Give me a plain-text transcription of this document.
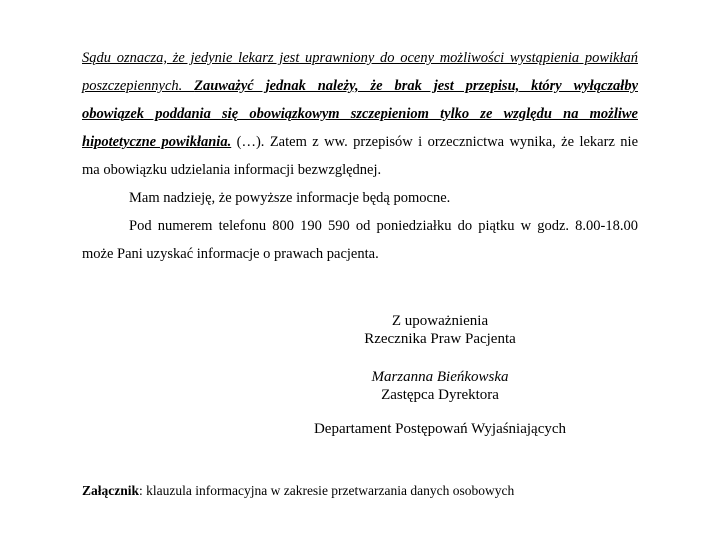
Sądu oznacza, że jedynie lekarz jest uprawniony do oceny możliwości wystąpienia powikłań
poszczepiennych. Zauważyć jednak należy, że brak jest przepisu, który wyłączałby
obowiązek poddania się obowiązkowym szczepieniom tylko ze względu na możliwe
hipotetyczne powikłania. (…). Zatem z ww. przepisów i orzecznictwa wynika, że lekarz nie
ma obowiązku udzielania informacji bezwzględnej.
Mam nadzieję, że powyższe informacje będą pomocne.
Pod numerem telefonu 800 190 590 od poniedziałku do piątku w godz. 8.00-18.00
może Pani uzyskać informacje o prawach pacjenta.
Z upoważnienia
Rzecznika Praw Pacjenta
Marzanna Bieńkowska
Zastępca Dyrektora
Departament Postępowań Wyjaśniających
Załącznik: klauzula informacyjna w zakresie przetwarzania danych osobowych
